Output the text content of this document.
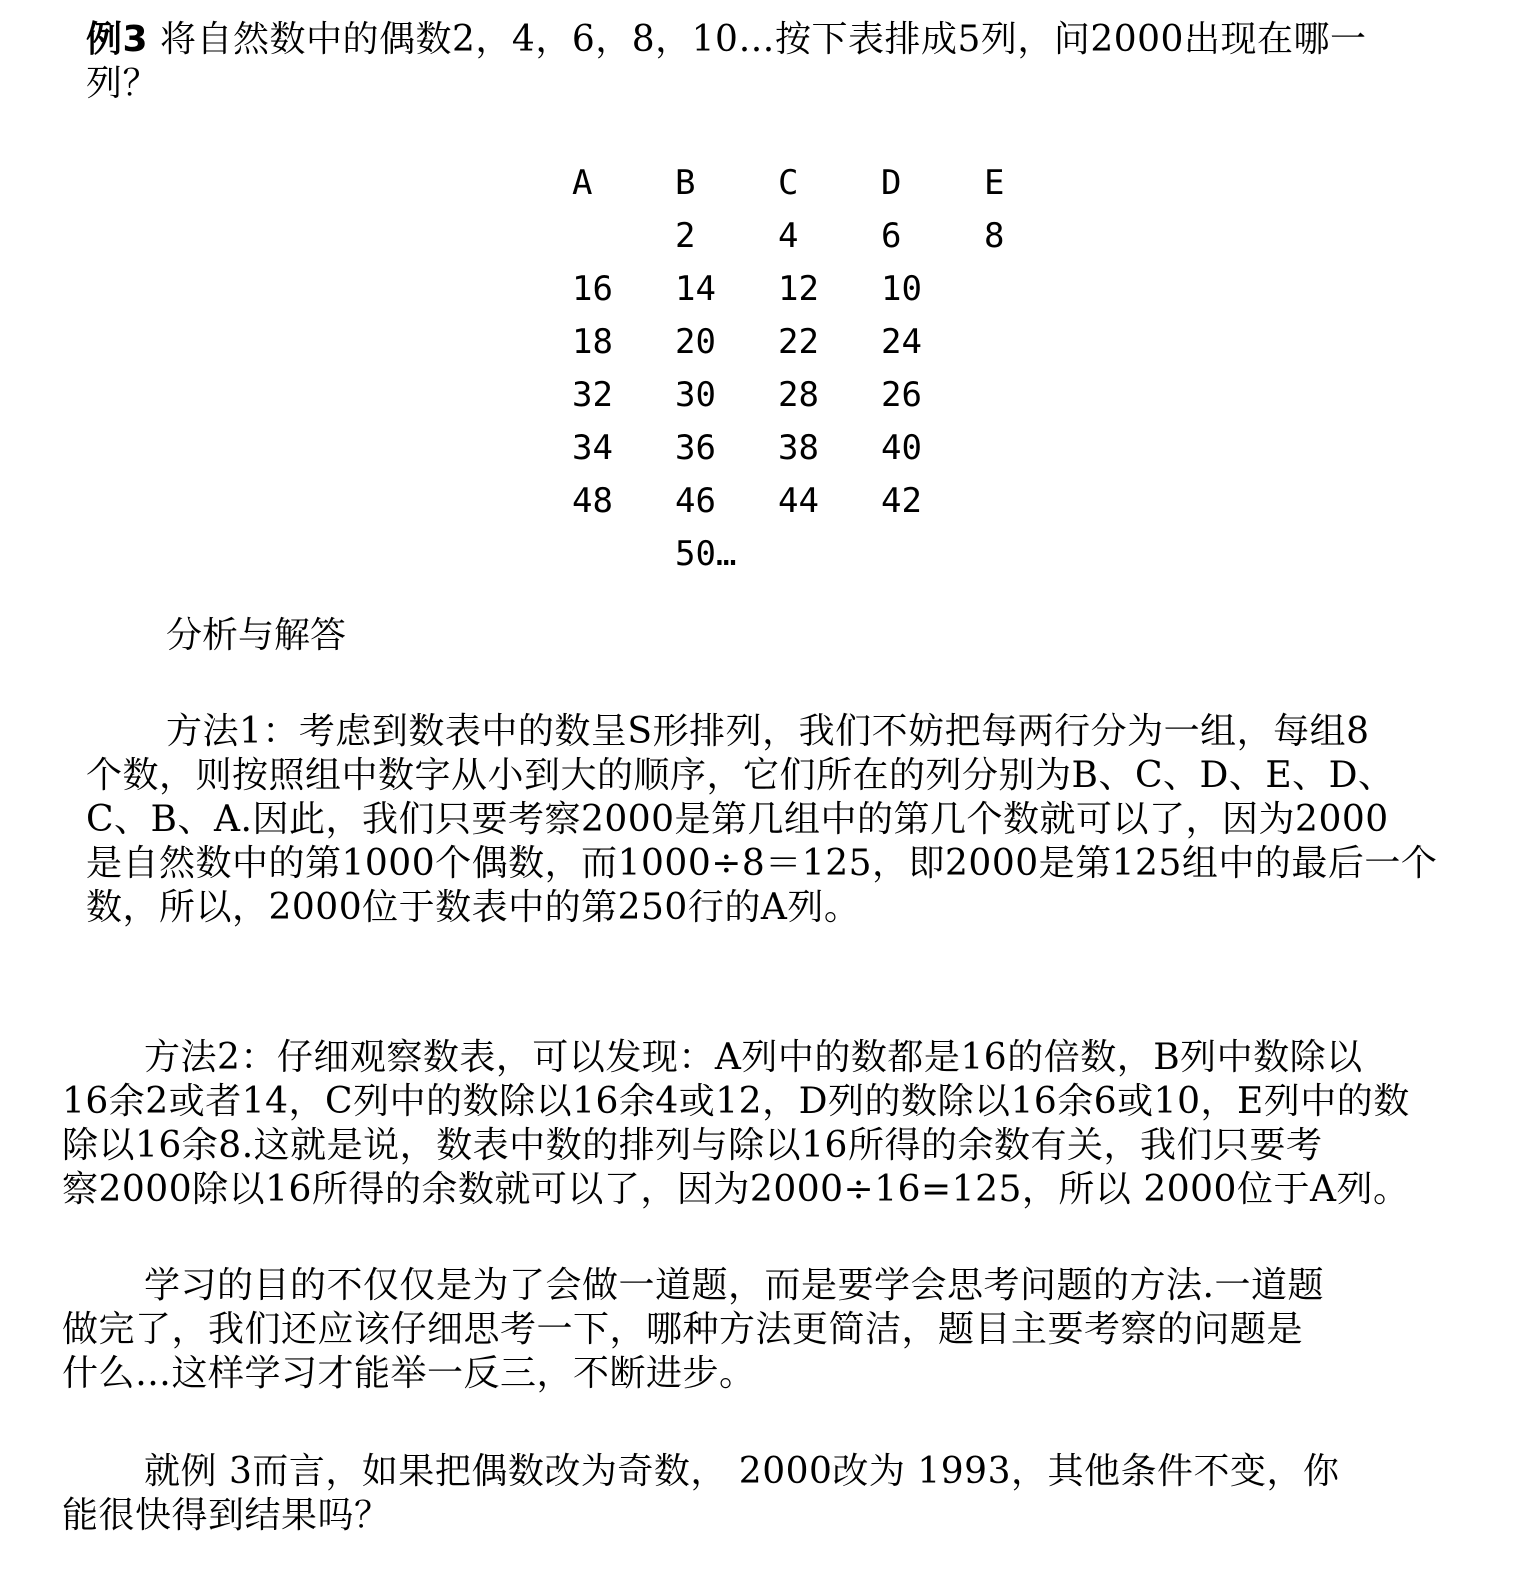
例3 将自然数中的偶数2，4，6，8，10…按下表排成5列，问2000出现在哪一
列？
A	B	C	D	E
	2	4	6	8
16	14	12	10	
18	20	22	24	
32	30	28	26	
34	36	38	40	
48	46	44	42	
	50…			
分析与解答
方法1：考虑到数表中的数呈S形排列，我们不妨把每两行分为一组，每组8
个数，则按照组中数字从小到大的顺序，它们所在的列分别为B、C、D、E、D、
C、B、A.因此，我们只要考察2000是第几组中的第几个数就可以了，因为2000
是自然数中的第1000个偶数，而1000÷8＝125，即2000是第125组中的最后一个
数，所以，2000位于数表中的第250行的A列。
方法2：仔细观察数表，可以发现：A列中的数都是16的倍数，B列中数除以
16余2或者14，C列中的数除以16余4或12，D列的数除以16余6或10，E列中的数
除以16余8.这就是说，数表中数的排列与除以16所得的余数有关，我们只要考
察2000除以16所得的余数就可以了，因为2000÷16=125，所以 2000位于A列。
学习的目的不仅仅是为了会做一道题，而是要学会思考问题的方法.一道题
做完了，我们还应该仔细思考一下，哪种方法更简洁，题目主要考察的问题是
什么…这样学习才能举一反三，不断进步。
就例 3而言，如果把偶数改为奇数， 2000改为 1993，其他条件不变，你
能很快得到结果吗？
